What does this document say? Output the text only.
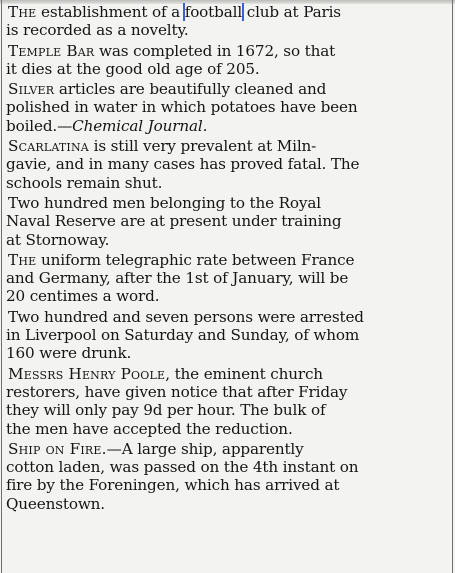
The establishment of a football club at Paris
is recorded as a novelty.
Temple Bar was completed in 1672, so that
it dies at the good old age of 205.
Silver articles are beautifully cleaned and
polished in water in which potatoes have been
boiled.—Chemical Journal.
Scarlatina is still very prevalent at Miln-
gavie, and in many cases has proved fatal. The
schools remain shut.
Two hundred men belonging to the Royal
Naval Reserve are at present under training
at Stornoway.
The uniform telegraphic rate between France
and Germany, after the 1st of January, will be
20 centimes a word.
Two hundred and seven persons were arrested
in Liverpool on Saturday and Sunday, of whom
160 were drunk.
Messrs Henry Poole, the eminent church
restorers, have given notice that after Friday
they will only pay 9d per hour. The bulk of
the men have accepted the reduction.
Ship on Fire.—A large ship, apparently
cotton laden, was passed on the 4th instant on
fire by the Foreningen, which has arrived at
Queenstown.
